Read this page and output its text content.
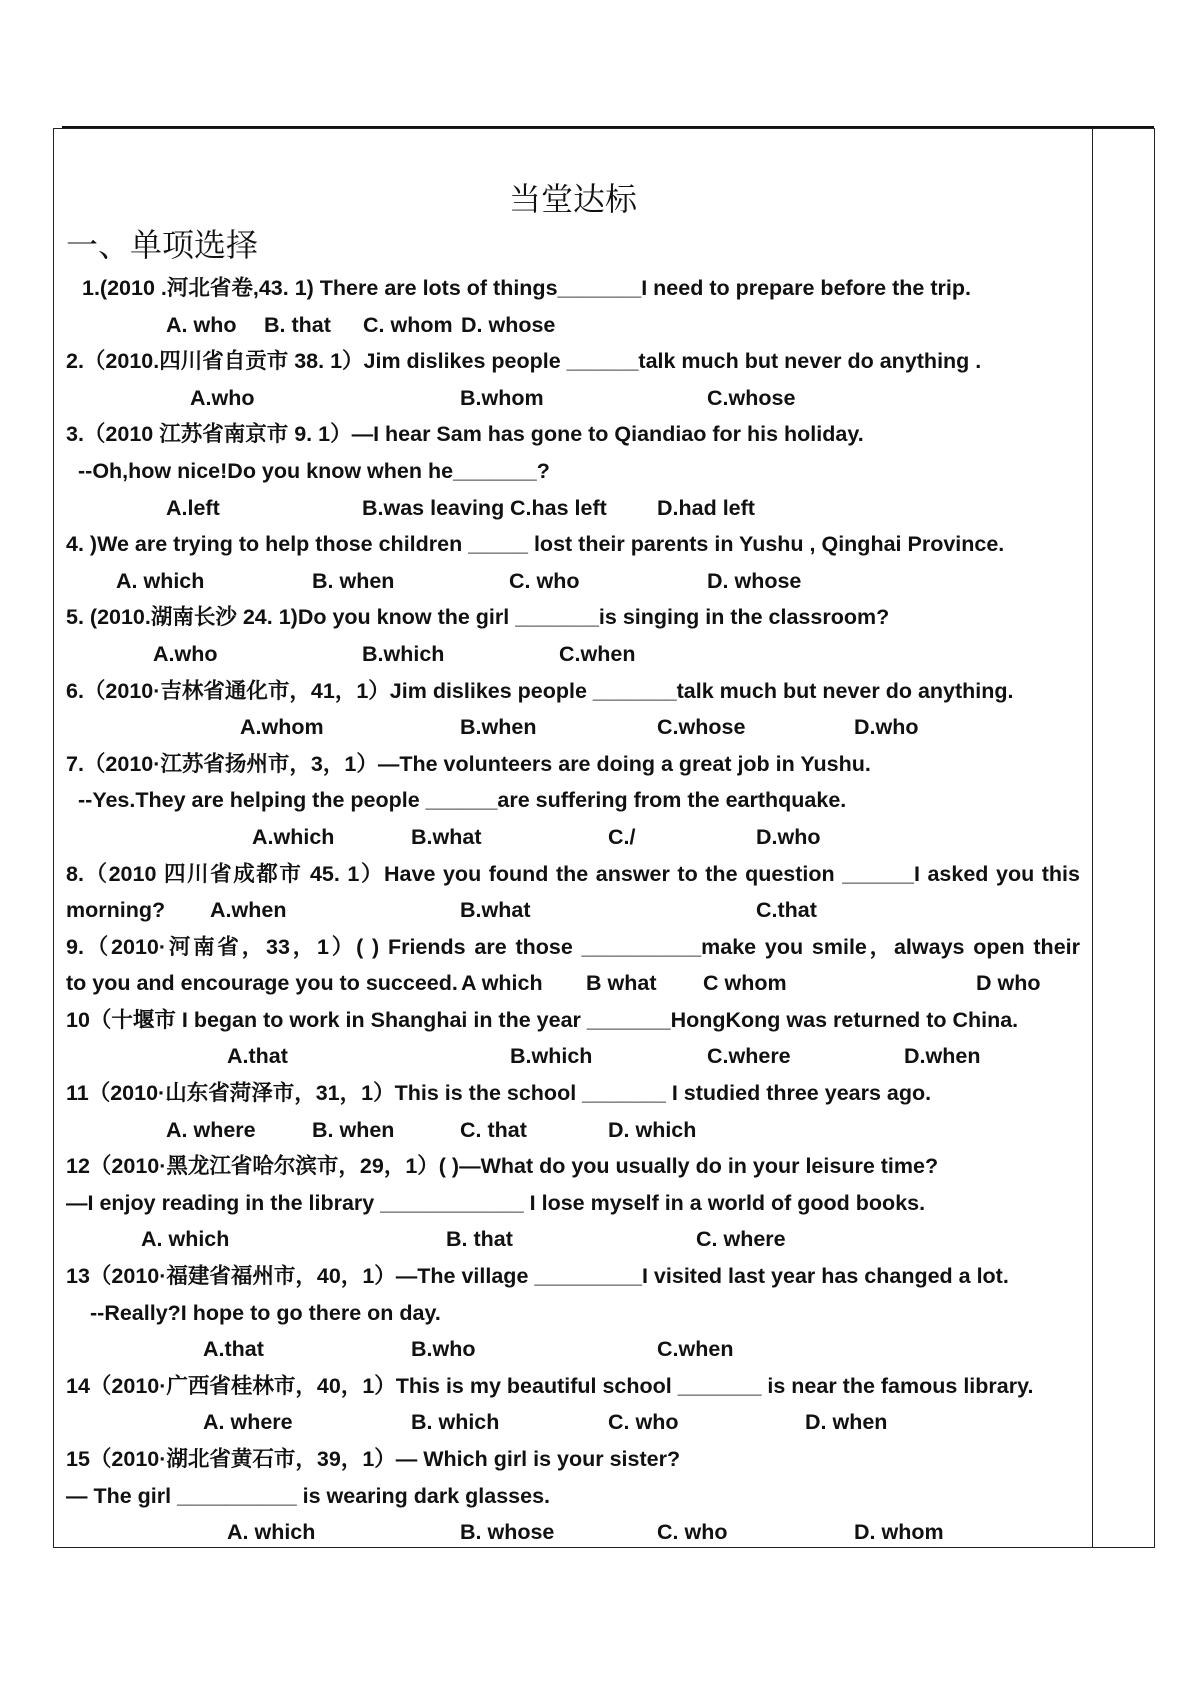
当堂达标
一、单项选择
1.(2010 .河北省卷,43. 1) There are lots of things_______I need to prepare before the trip.
A. who B. that C. whom D. whose
2.（2010.四川省自贡市 38. 1）Jim dislikes people ______talk much but never do anything .
A.who	B.whom	C.whose
3.（2010 江苏省南京市 9. 1）—I hear Sam has gone to Qiandiao for his holiday.
--Oh,how nice!Do you know when he_______?
A.left	B.was leaving C.has left D.had left
4. )We are trying to help those children _____ lost their parents in Yushu , Qinghai Province.
A. which	B. when	C. who	D. whose
5. (2010.湖南长沙 24. 1)Do you know the girl _______is singing in the classroom?
A.who	B.which	C.when
6.（2010·吉林省通化市，41，1）Jim dislikes people _______talk much but never do anything.
A.whom	B.when	C.whose	D.who
7.（2010·江苏省扬州市，3，1）—The volunteers are doing a great job in Yushu.
--Yes.They are helping the people ______are suffering from the earthquake.
A.which	B.what	C./	D.who
8.（2010 四川省成都市 45. 1）Have you found the answer to the question ______I asked you this
morning? A.when	B.what	C.that
9.（2010·河南省，33，1）( ) Friends are those __________make you smile，always open their
to you and encourage you to succeed. A which B what C whom	D who
10（十堰市 I began to work in Shanghai in the year _______HongKong was returned to China.
A.that	B.which	C.where	D.when
11（2010·山东省菏泽市，31，1）This is the school _______ I studied three years ago.
A. where	B. when	C. that	D. which
12（2010·黑龙江省哈尔滨市，29，1）( )—What do you usually do in your leisure time?
—I enjoy reading in the library ____________ I lose myself in a world of good books.
A. which	B. that	C. where
13（2010·福建省福州市，40，1）—The village _________I visited last year has changed a lot.
--Really?I hope to go there on day.
A.that	B.who	C.when
14（2010·广西省桂林市，40，1）This is my beautiful school _______ is near the famous library.
A. where	B. which	C. who	D. when
15（2010·湖北省黄石市，39，1）— Which girl is your sister?
— The girl __________ is wearing dark glasses.
A. which	B. whose	C. who	D. whom
